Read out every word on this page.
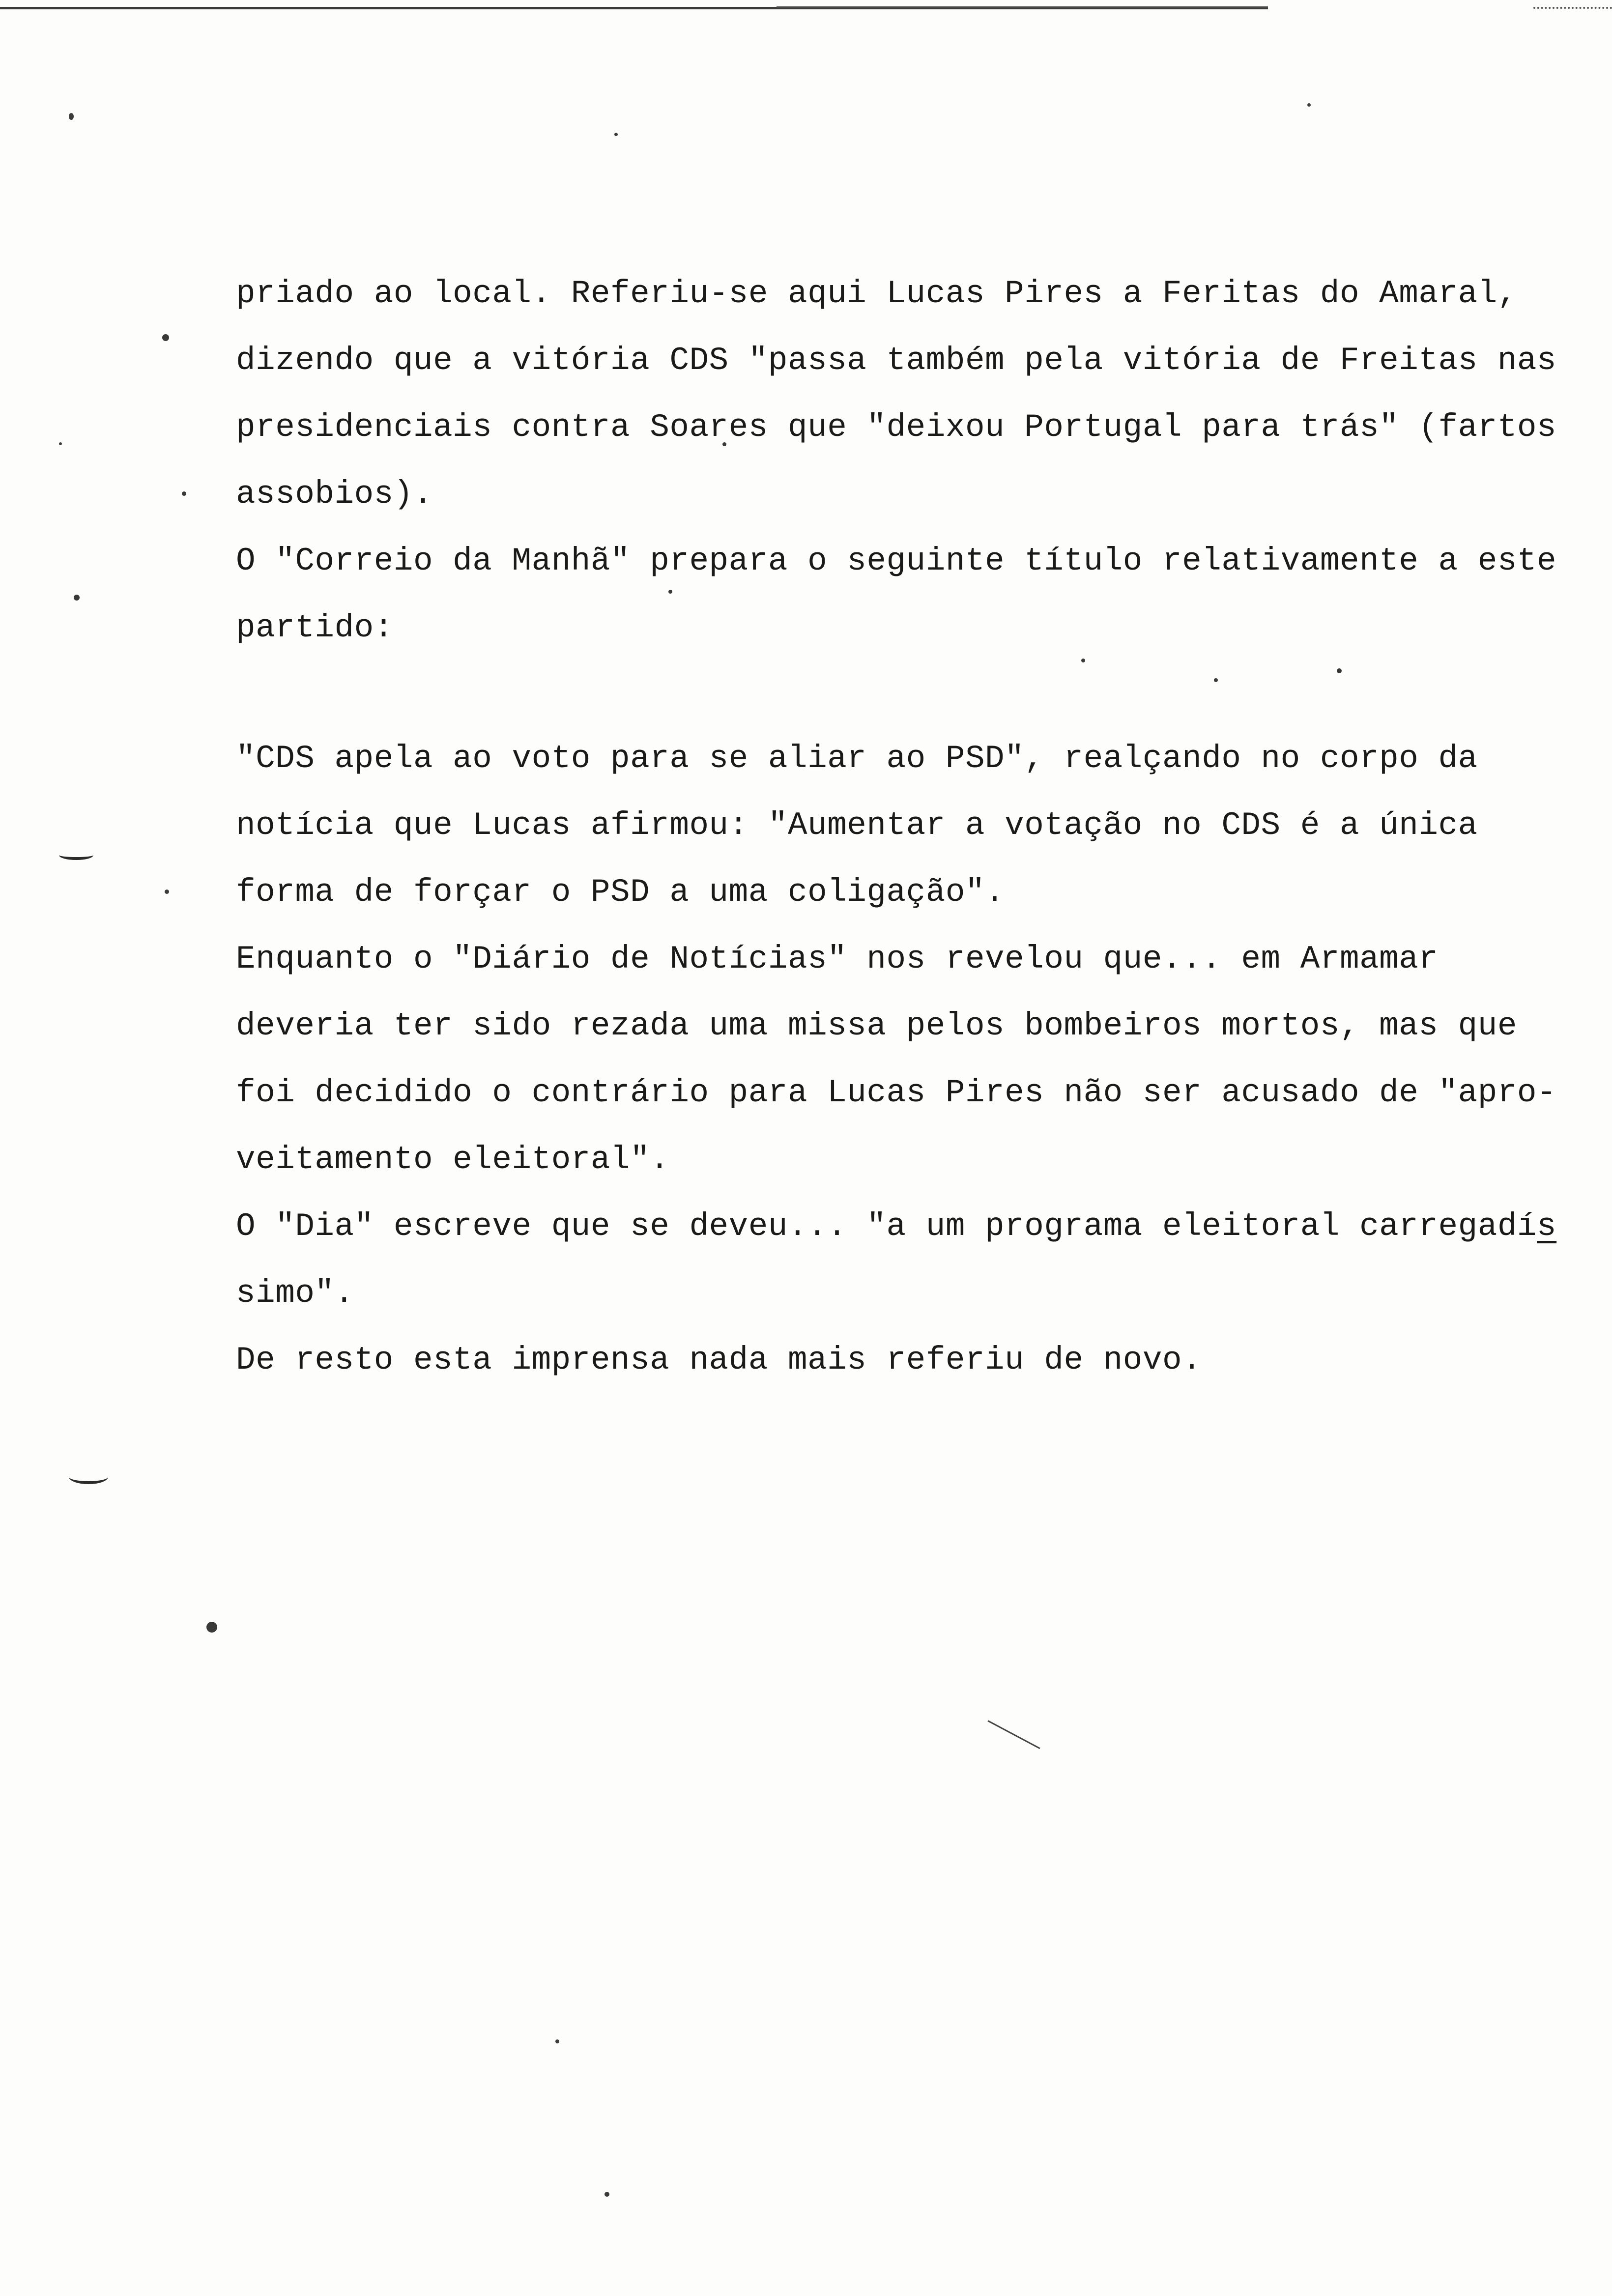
priado ao local. Referiu-se aqui Lucas Pires a Feritas do Amaral,
dizendo que a vitória CDS "passa também pela vitória de Freitas nas
presidenciais contra Soares que "deixou Portugal para trás" (fartos
assobios).
O "Correio da Manhã" prepara o seguinte título relativamente a este
partido:
"CDS apela ao voto para se aliar ao PSD", realçando no corpo da
notícia que Lucas afirmou: "Aumentar a votação no CDS é a única
forma de forçar o PSD a uma coligação".
Enquanto o "Diário de Notícias" nos revelou que... em Armamar
deveria ter sido rezada uma missa pelos bombeiros mortos, mas que
foi decidido o contrário para Lucas Pires não ser acusado de "apro-
veitamento eleitoral".
O "Dia" escreve que se deveu... "a um programa eleitoral carregadís
simo".
De resto esta imprensa nada mais referiu de novo.
